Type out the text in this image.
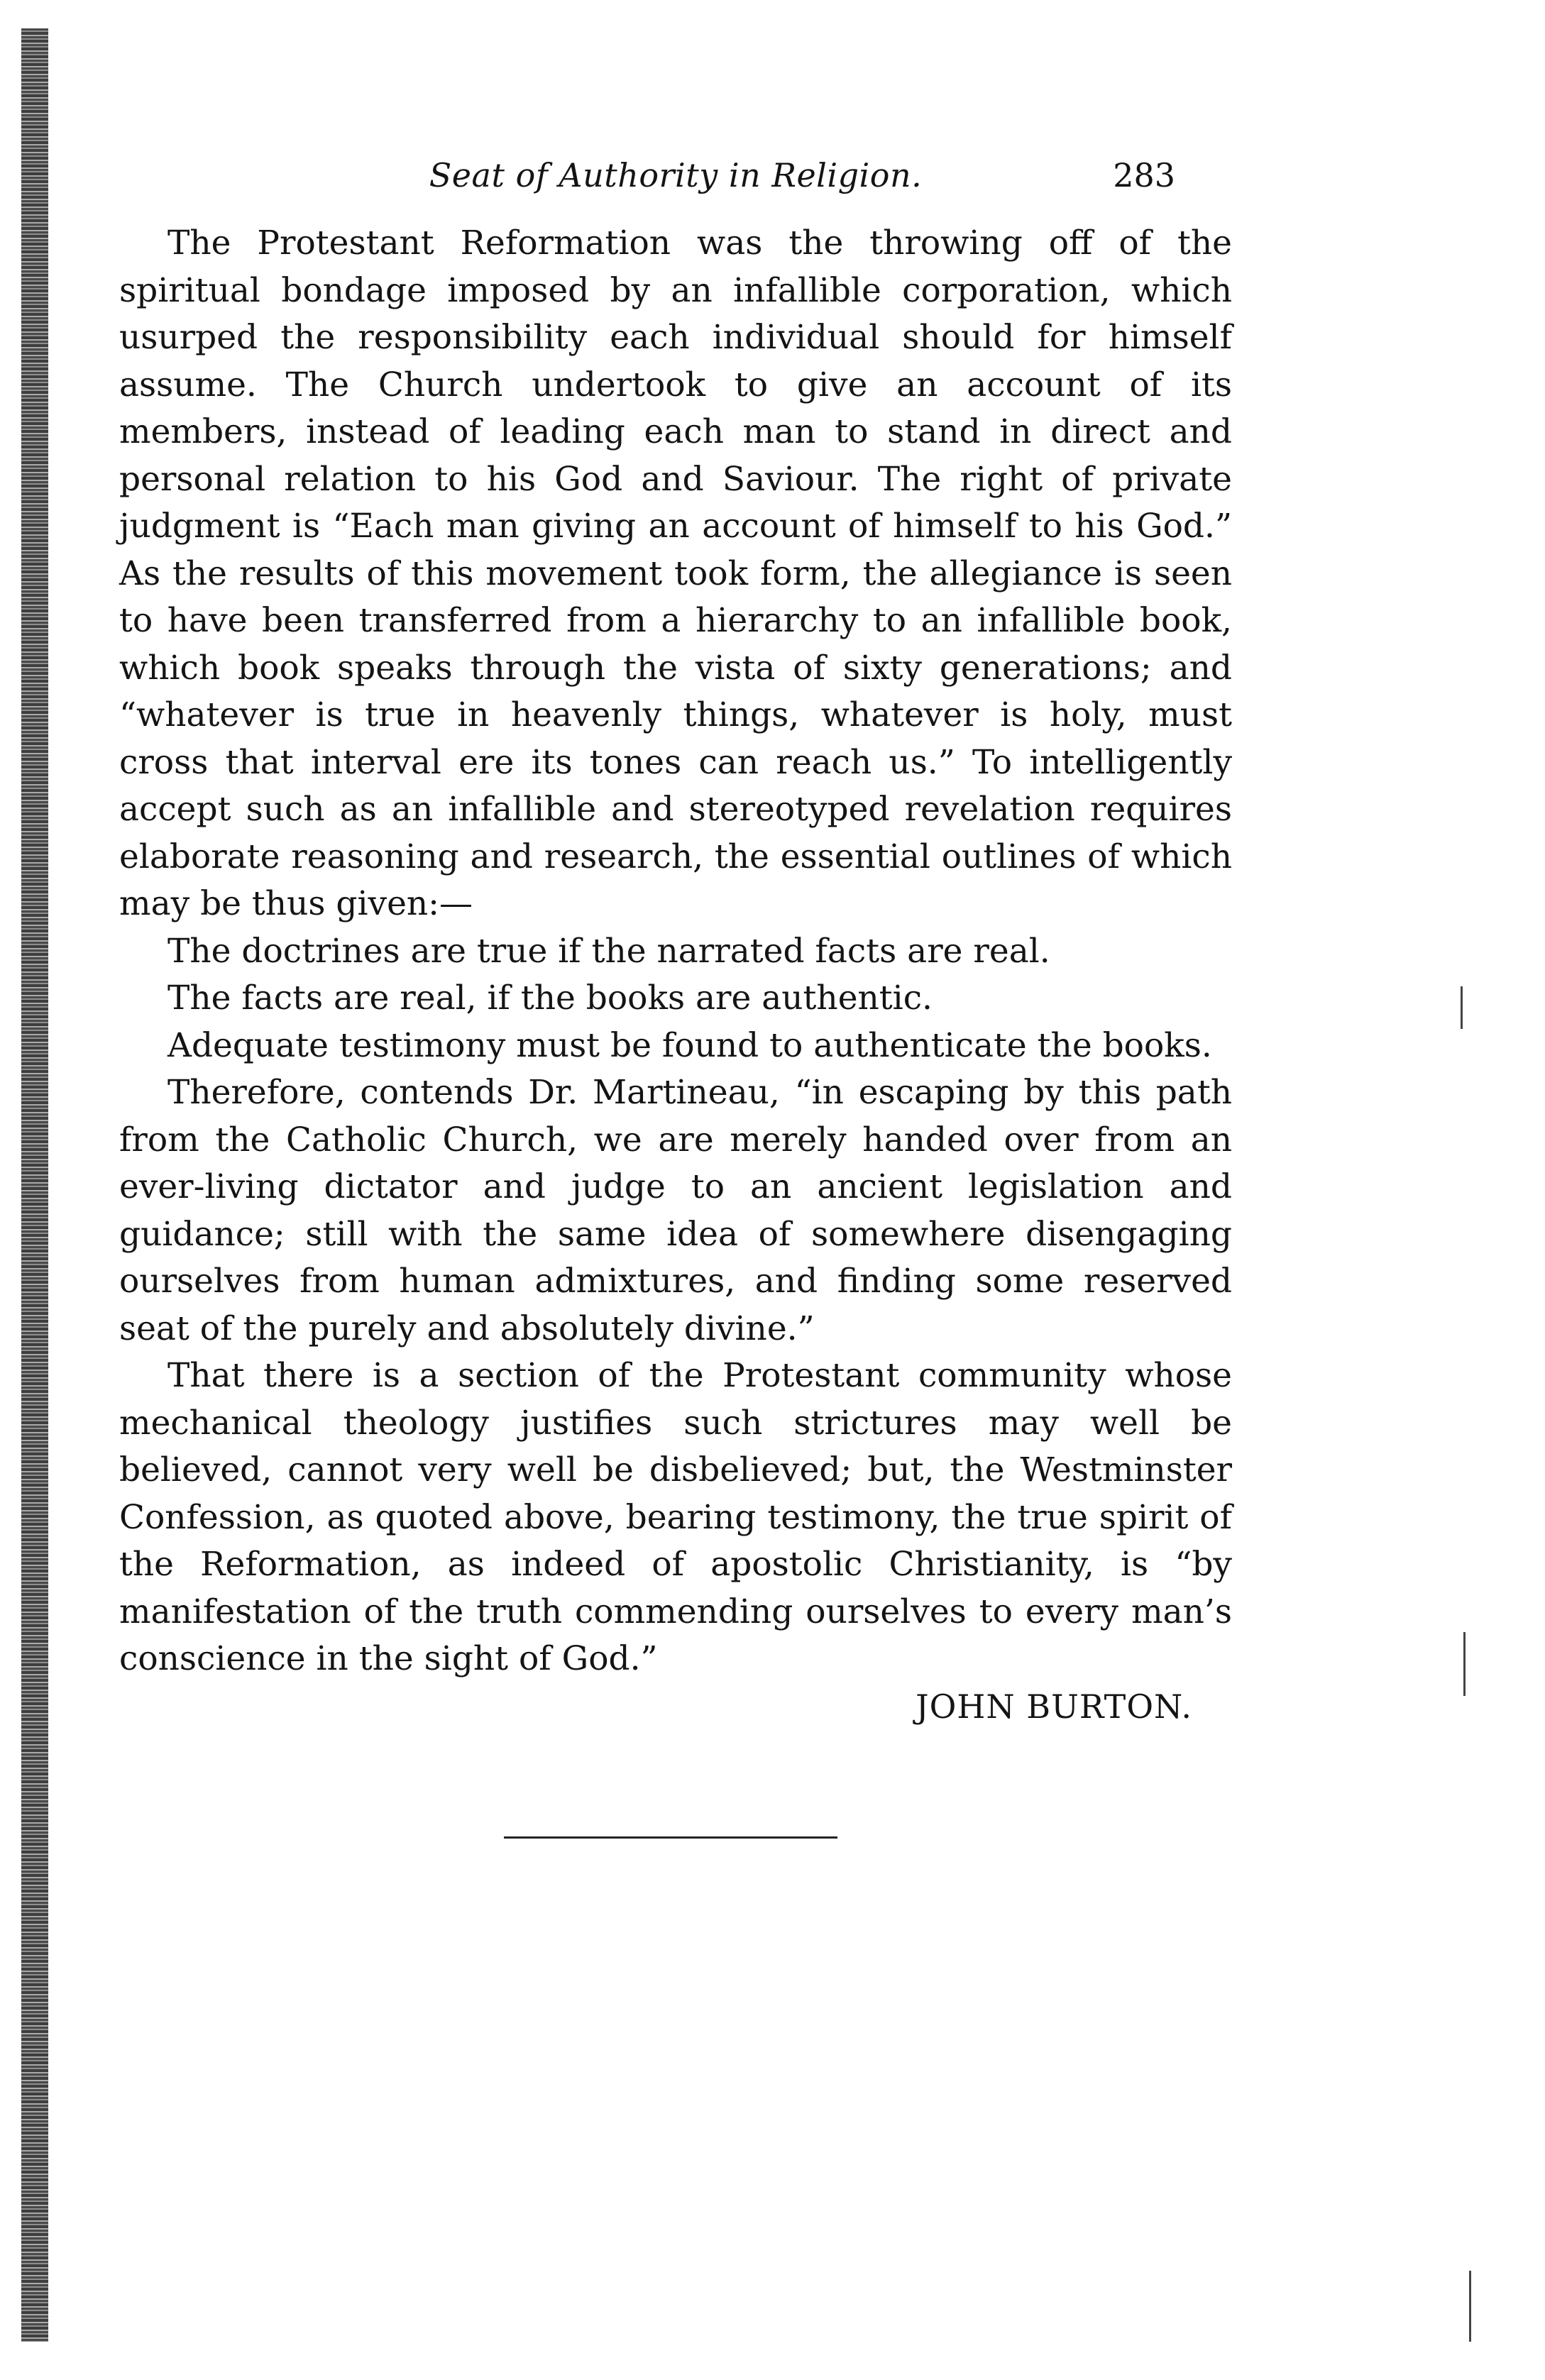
Seat of Authority in Religion.	283

The Protestant Reformation was the throwing off of the spiritual bondage imposed by an infallible corporation, which usurped the responsibility each individual should for himself assume. The Church undertook to give an account of its members, instead of leading each man to stand in direct and personal relation to his God and Saviour. The right of private judgment is “Each man giving an account of himself to his God.” As the results of this movement took form, the allegiance is seen to have been transferred from a hierarchy to an infallible book, which book speaks through the vista of sixty generations; and “whatever is true in heavenly things, whatever is holy, must cross that interval ere its tones can reach us.” To intelligently accept such as an infallible and stereotyped revelation requires elaborate reasoning and research, the essential outlines of which may be thus given:—

The doctrines are true if the narrated facts are real.

The facts are real, if the books are authentic.

Adequate testimony must be found to authenticate the books.

Therefore, contends Dr. Martineau, “in escaping by this path from the Catholic Church, we are merely handed over from an ever-living dictator and judge to an ancient legislation and guidance; still with the same idea of somewhere disengaging ourselves from human admixtures, and finding some reserved seat of the purely and absolutely divine.”

That there is a section of the Protestant community whose mechanical theology justifies such strictures may well be believed, cannot very well be disbelieved; but, the Westminster Confession, as quoted above, bearing testimony, the true spirit of the Reformation, as indeed of apostolic Christianity, is “by manifestation of the truth commending ourselves to every man’s conscience in the sight of God.”

JOHN BURTON.
